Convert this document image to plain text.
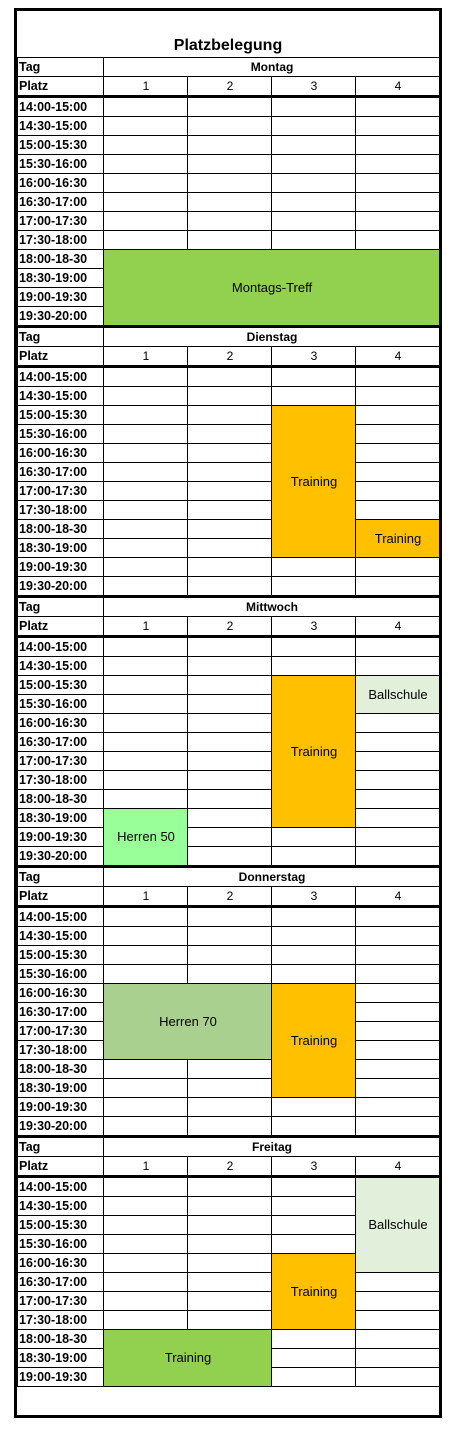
Platzbelegung
Tag	Montag			
Platz	1	2	3	4
14:00-15:00				
14:30-15:00				
15:00-15:30				
15:30-16:00				
16:00-16:30				
16:30-17:00				
17:00-17:30				
17:30-18:00				
18:00-18-30	Montags-Treff			
18:30-19:00				
19:00-19:30				
19:30-20:00				
Tag	Dienstag			
Platz	1	2	3	4
14:00-15:00				
14:30-15:00				
15:00-15:30			Training	
15:30-16:00				
16:00-16:30				
16:30-17:00				
17:00-17:30				
17:30-18:00				
18:00-18-30				Training
18:30-19:00				
19:00-19:30				
19:30-20:00				
Tag	Mittwoch			
Platz	1	2	3	4
14:00-15:00				
14:30-15:00				
15:00-15:30			Training	Ballschule
15:30-16:00				
16:00-16:30				
16:30-17:00				
17:00-17:30				
17:30-18:00				
18:00-18-30				
18:30-19:00	Herren 50			
19:00-19:30				
19:30-20:00				
Tag	Donnerstag			
Platz	1	2	3	4
14:00-15:00				
14:30-15:00				
15:00-15:30				
15:30-16:00				
16:00-16:30	Herren 70		Training	
16:30-17:00				
17:00-17:30				
17:30-18:00				
18:00-18-30				
18:30-19:00				
19:00-19:30				
19:30-20:00				
Tag	Freitag			
Platz	1	2	3	4
14:00-15:00				Ballschule
14:30-15:00				
15:00-15:30				
15:30-16:00				
16:00-16:30			Training	
16:30-17:00				
17:00-17:30				
17:30-18:00				
18:00-18-30	Training			
18:30-19:00				
19:00-19:30				
